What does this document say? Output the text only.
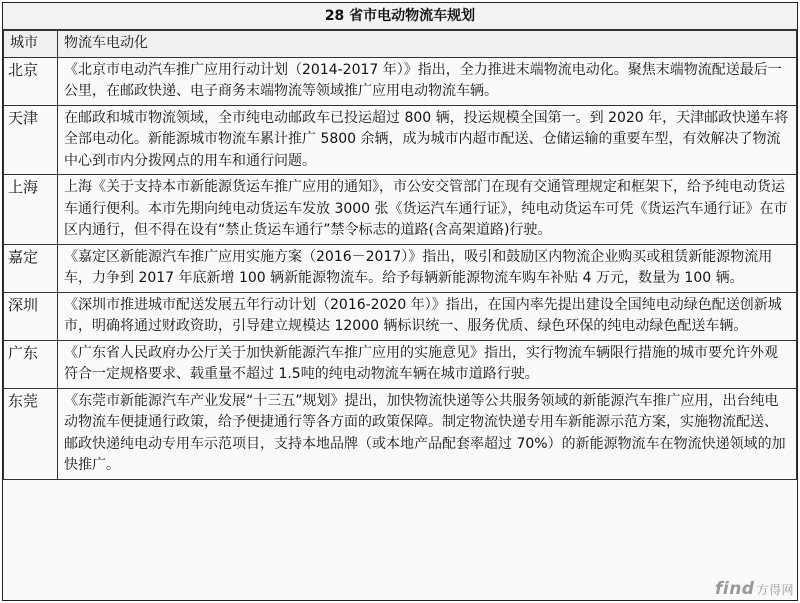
28 省市电动物流车规划
城市	物流车电动化
北京	《北京市电动汽车推广应用行动计划（2014-2017 年）》指出，全力推进末端物流电动化。聚焦末端物流配送最后一公里，在邮政快递、电子商务末端物流等领域推广应用电动物流车辆。
天津	在邮政和城市物流领域，全市纯电动邮政车已投运超过 800 辆，投运规模全国第一。到 2020 年，天津邮政快递车将全部电动化。新能源城市物流车累计推广 5800 余辆，成为城市内超市配送、仓储运输的重要车型，有效解决了物流中心到市内分拨网点的用车和通行问题。
上海	上海《关于支持本市新能源货运车推广应用的通知》，市公安交管部门在现有交通管理规定和框架下，给予纯电动货运车通行便利。本市先期向纯电动货运车发放 3000 张《货运汽车通行证》，纯电动货运车可凭《货运汽车通行证》在市区内通行，但不得在设有“禁止货运车通行”禁令标志的道路(含高架道路)行驶。
嘉定	《嘉定区新能源汽车推广应用实施方案（2016－2017）》指出，吸引和鼓励区内物流企业购买或租赁新能源物流用车，力争到 2017 年底新增 100 辆新能源物流车。给予每辆新能源物流车购车补贴 4 万元，数量为 100 辆。
深圳	《深圳市推进城市配送发展五年行动计划（2016-2020 年）》指出，在国内率先提出建设全国纯电动绿色配送创新城市，明确将通过财政资助，引导建立规模达 12000 辆标识统一、服务优质、绿色环保的纯电动绿色配送车辆。
广东	《广东省人民政府办公厅关于加快新能源汽车推广应用的实施意见》指出，实行物流车辆限行措施的城市要允许外观符合一定规格要求、载重量不超过 1.5吨的纯电动物流车辆在城市道路行驶。
东莞	《东莞市新能源汽车产业发展“十三五”规划》提出，加快物流快递等公共服务领域的新能源汽车推广应用，出台纯电动物流车便捷通行政策，给予便捷通行等各方面的政策保障。制定物流快递专用车新能源示范方案，实施物流配送、邮政快递纯电动专用车示范项目，支持本地品牌（或本地产品配套率超过 70%）的新能源物流车在物流快递领域的加快推广。
find 方得网
